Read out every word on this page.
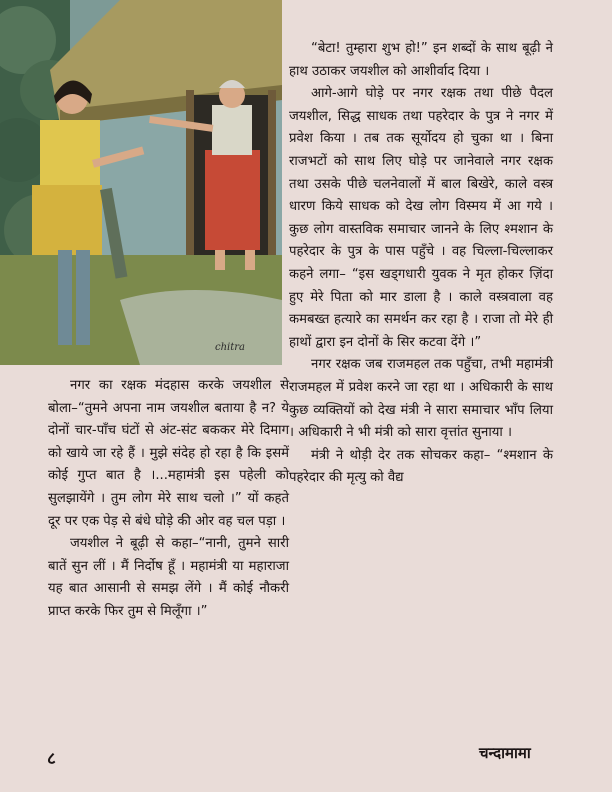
chitra

“बेटा! तुम्हारा शुभ हो!” इन शब्दों के साथ बूढ़ी ने हाथ उठाकर जयशील को आशीर्वाद दिया ।

आगे-आगे घोड़े पर नगर रक्षक तथा पीछे पैदल जयशील, सिद्ध साधक तथा पहरेदार के पुत्र ने नगर में प्रवेश किया । तब तक सूर्योदय हो चुका था । बिना राजभटों को साथ लिए घोड़े पर जानेवाले नगर रक्षक तथा उसके पीछे चलनेवालों में बाल बिखेरे, काले वस्त्र धारण किये साधक को देख लोग विस्मय में आ गये । कुछ लोग वास्तविक समाचार जानने के लिए श्मशान के पहरेदार के पुत्र के पास पहुँचे । वह चिल्ला-चिल्लाकर कहने लगा– “इस खड्गधारी युवक ने मृत होकर ज़िंदा हुए मेरे पिता को मार डाला है । काले वस्त्रवाला वह कमबख्त हत्यारे का समर्थन कर रहा है । राजा तो मेरे ही हाथों द्वारा इन दोनों के सिर कटवा देंगे ।”

नगर रक्षक जब राजमहल तक पहुँचा, तभी महामंत्री राजमहल में प्रवेश करने जा रहा था । अधिकारी के साथ कुछ व्यक्तियों को देख मंत्री ने सारा समाचार भाँप लिया । अधिकारी ने भी मंत्री को सारा वृत्तांत सुनाया ।

मंत्री ने थोड़ी देर तक सोचकर कहा– “श्मशान के पहरेदार की मृत्यु को वैद्य

नगर का रक्षक मंदहास करके जयशील से बोला–“तुमने अपना नाम जयशील बताया है न? ये दोनों चार-पाँच घंटों से अंट-संट बककर मेरे दिमाग को खाये जा रहे हैं । मुझे संदेह हो रहा है कि इसमें कोई गुप्त बात है ।...महामंत्री इस पहेली को सुलझायेंगे । तुम लोग मेरे साथ चलो ।” यों कहते दूर पर एक पेड़ से बंधे घोड़े की ओर वह चल पड़ा ।

जयशील ने बूढ़ी से कहा–“नानी, तुमने सारी बातें सुन लीं । मैं निर्दोष हूँ । महामंत्री या महाराजा यह बात आसानी से समझ लेंगे । मैं कोई नौकरी प्राप्त करके फिर तुम से मिलूँगा ।”

८	चन्दामामा
